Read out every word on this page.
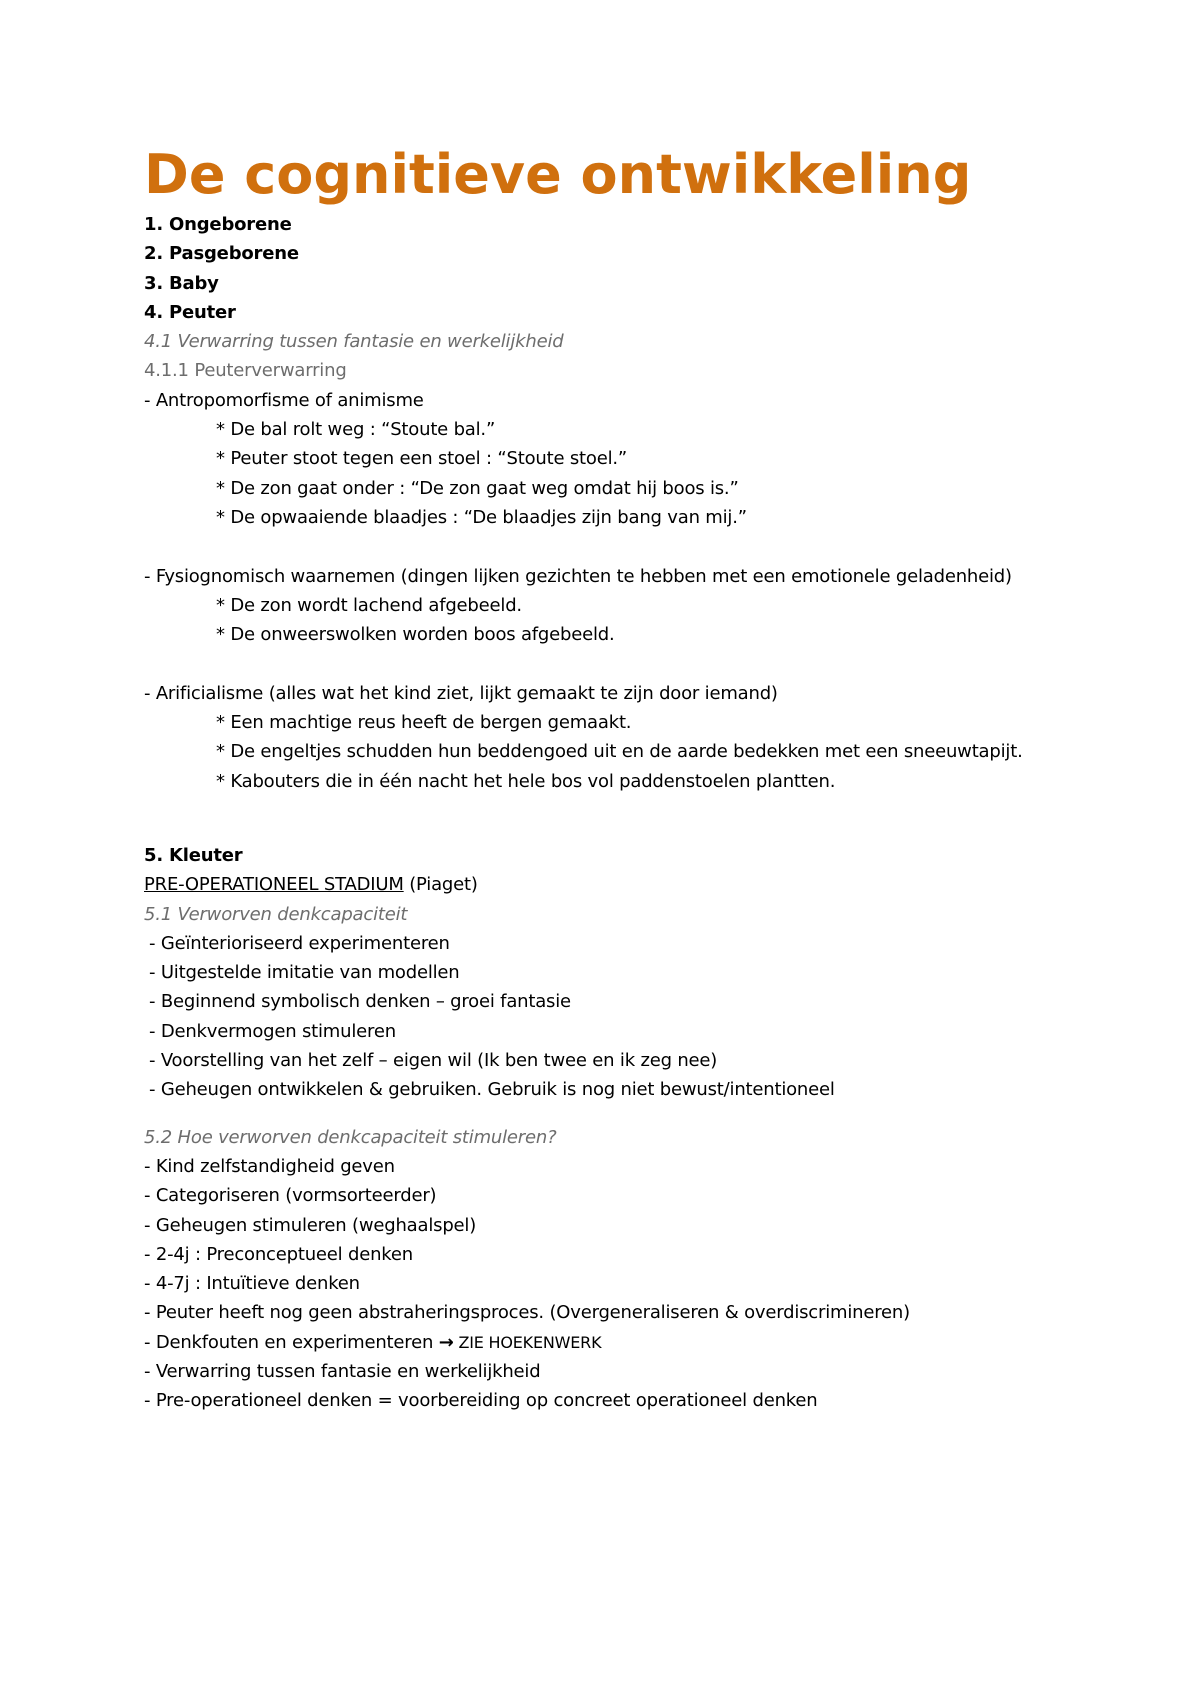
De cognitieve ontwikkeling
1. Ongeborene
2. Pasgeborene
3. Baby
4. Peuter
4.1 Verwarring tussen fantasie en werkelijkheid
4.1.1 Peuterverwarring
- Antropomorfisme of animisme
* De bal rolt weg : “Stoute bal.”
* Peuter stoot tegen een stoel : “Stoute stoel.”
* De zon gaat onder : “De zon gaat weg omdat hij boos is.”
* De opwaaiende blaadjes : “De blaadjes zijn bang van mij.”
- Fysiognomisch waarnemen (dingen lijken gezichten te hebben met een emotionele geladenheid)
* De zon wordt lachend afgebeeld.
* De onweerswolken worden boos afgebeeld.
- Arificialisme (alles wat het kind ziet, lijkt gemaakt te zijn door iemand)
* Een machtige reus heeft de bergen gemaakt.
* De engeltjes schudden hun beddengoed uit en de aarde bedekken met een sneeuwtapijt.
* Kabouters die in één nacht het hele bos vol paddenstoelen plantten.
5. Kleuter
PRE-OPERATIONEEL STADIUM (Piaget)
5.1 Verworven denkcapaciteit
- Geïnterioriseerd experimenteren
- Uitgestelde imitatie van modellen
- Beginnend symbolisch denken – groei fantasie
- Denkvermogen stimuleren
- Voorstelling van het zelf – eigen wil (Ik ben twee en ik zeg nee)
- Geheugen ontwikkelen & gebruiken. Gebruik is nog niet bewust/intentioneel
5.2 Hoe verworven denkcapaciteit stimuleren?
- Kind zelfstandigheid geven
- Categoriseren (vormsorteerder)
- Geheugen stimuleren (weghaalspel)
- 2-4j : Preconceptueel denken
- 4-7j : Intuïtieve denken
- Peuter heeft nog geen abstraheringsproces. (Overgeneraliseren & overdiscrimineren)
- Denkfouten en experimenteren → ZIE HOEKENWERK
- Verwarring tussen fantasie en werkelijkheid
- Pre-operationeel denken = voorbereiding op concreet operationeel denken
